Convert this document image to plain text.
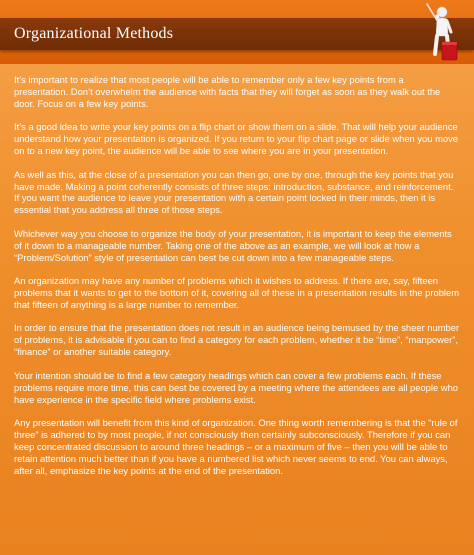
Organizational Methods

It’s important to realize that most people will be able to remember only a few key points from a presentation. Don’t overwhelm the audience with facts that they will forget as soon as they walk out the door. Focus on a few key points.

It’s a good idea to write your key points on a flip chart or show them on a slide. That will help your audience understand how your presentation is organized. If you return to your flip chart page or slide when you move on to a new key point, the audience will be able to see where you are in your presentation.

As well as this, at the close of a presentation you can then go, one by one, through the key points that you have made. Making a point coherently consists of three steps: introduction, substance, and reinforcement. If you want the audience to leave your presentation with a certain point locked in their minds, then it is essential that you address all three of those steps.

Whichever way you choose to organize the body of your presentation, it is important to keep the elements of it down to a manageable number. Taking one of the above as an example, we will look at how a “Problem/Solution” style of presentation can best be cut down into a few manageable steps.

An organization may have any number of problems which it wishes to address. If there are, say, fifteen problems that it wants to get to the bottom of it, covering all of these in a presentation results in the problem that fifteen of anything is a large number to remember.

In order to ensure that the presentation does not result in an audience being bemused by the sheer number of problems, it is advisable if you can to find a category for each problem, whether it be “time”, “manpower”, “finance” or another suitable category.

Your intention should be to find a few category headings which can cover a few problems each. If these problems require more time, this can best be covered by a meeting where the attendees are all people who have experience in the specific field where problems exist.

Any presentation will benefit from this kind of organization. One thing worth remembering is that the “rule of three” is adhered to by most people, if not consciously then certainly subconsciously. Therefore if you can keep concentrated discussion to around three headings – or a maximum of five – then you will be able to retain attention much better than if you have a numbered list which never seems to end. You can always, after all, emphasize the key points at the end of the presentation.
